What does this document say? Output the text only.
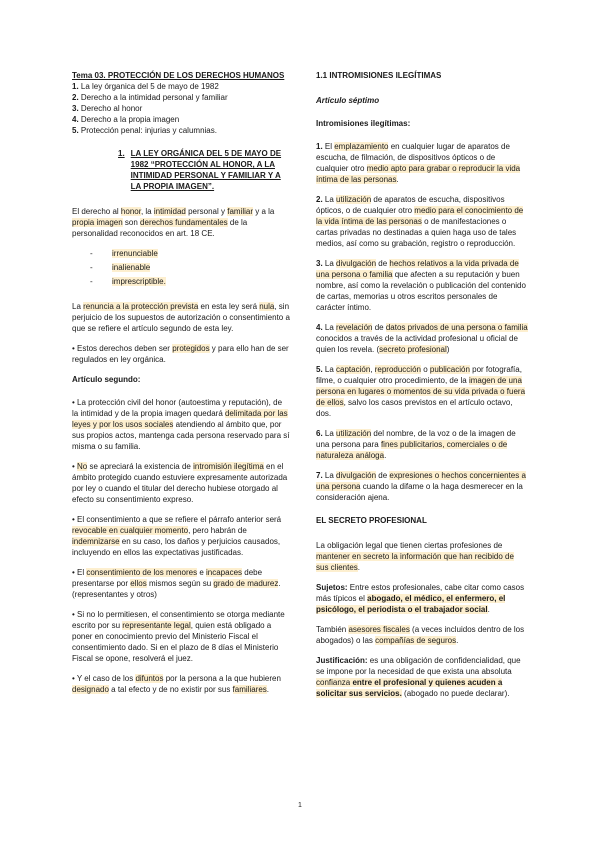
Tema 03. PROTECCIÓN DE LOS DERECHOS HUMANOS

1. La ley órganica del 5 de mayo de 1982
2. Derecho a la intimidad personal y familiar
3. Derecho al honor
4. Derecho a la propia imagen
5. Protección penal: injurias y calumnias.
1. LA LEY ORGÁNICA DEL 5 DE MAYO DE 1982 “PROTECCIÓN AL HONOR, A LA INTIMIDAD PERSONAL Y FAMILIAR Y A LA PROPIA IMAGEN”.

El derecho al honor, la intimidad personal y familiar y a la propia imagen son derechos fundamentales de la personalidad reconocidos en art. 18 CE.

- irrenunciable
- inalienable
- imprescriptible.

La renuncia a la protección prevista en esta ley será nula, sin perjuicio de los supuestos de autorización o consentimiento a que se refiere el artículo segundo de esta ley.

• Estos derechos deben ser protegidos y para ello han de ser regulados en ley orgánica.

Artículo segundo:

• La protección civil del honor (autoestima y reputación), de la intimidad y de la propia imagen quedará delimitada por las leyes y por los usos sociales atendiendo al ámbito que, por sus propios actos, mantenga cada persona reservado para sí misma o su familia.

• No se apreciará la existencia de intromisión ilegítima en el ámbito protegido cuando estuviere expresamente autorizada por ley o cuando el titular del derecho hubiese otorgado al efecto su consentimiento expreso.

• El consentimiento a que se refiere el párrafo anterior será revocable en cualquier momento, pero habrán de indemnizarse en su caso, los daños y perjuicios causados, incluyendo en ellos las expectativas justificadas.

• El consentimiento de los menores e incapaces debe presentarse por ellos mismos según su grado de madurez. (representantes y otros)

• Si no lo permitiesen, el consentimiento se otorga mediante escrito por su representante legal, quien está obligado a poner en conocimiento previo del Ministerio Fiscal el consentimiento dado. Si en el plazo de 8 días el Ministerio Fiscal se opone, resolverá el juez.

• Y el caso de los difuntos por la persona a la que hubieren designado a tal efecto y de no existir por sus familiares.

1.1 INTROMISIONES ILEGÍTIMAS

Artículo séptimo

Intromisiones ilegítimas:

1. El emplazamiento en cualquier lugar de aparatos de escucha, de filmación, de dispositivos ópticos o de cualquier otro medio apto para grabar o reproducir la vida íntima de las personas.

2. La utilización de aparatos de escucha, dispositivos ópticos, o de cualquier otro medio para el conocimiento de la vida íntima de las personas o de manifestaciones o cartas privadas no destinadas a quien haga uso de tales medios, así como su grabación, registro o reproducción.

3. La divulgación de hechos relativos a la vida privada de una persona o familia que afecten a su reputación y buen nombre, así como la revelación o publicación del contenido de cartas, memorias u otros escritos personales de carácter íntimo.

4. La revelación de datos privados de una persona o familia conocidos a través de la actividad profesional u oficial de quien los revela. (secreto profesional)

5. La captación, reproducción o publicación por fotografía, filme, o cualquier otro procedimiento, de la imagen de una persona en lugares o momentos de su vida privada o fuera de ellos, salvo los casos previstos en el artículo octavo, dos.

6. La utilización del nombre, de la voz o de la imagen de una persona para fines publicitarios, comerciales o de naturaleza análoga.

7. La divulgación de expresiones o hechos concernientes a una persona cuando la difame o la haga desmerecer en la consideración ajena.

EL SECRETO PROFESIONAL

La obligación legal que tienen ciertas profesiones de mantener en secreto la información que han recibido de sus clientes.

Sujetos: Entre estos profesionales, cabe citar como casos más típicos el abogado, el médico, el enfermero, el psicólogo, el periodista o el trabajador social.

También asesores fiscales (a veces incluidos dentro de los abogados) o las compañías de seguros.

Justificación: es una obligación de confidencialidad, que se impone por la necesidad de que exista una absoluta confianza entre el profesional y quienes acuden a solicitar sus servicios. (abogado no puede declarar).

1
